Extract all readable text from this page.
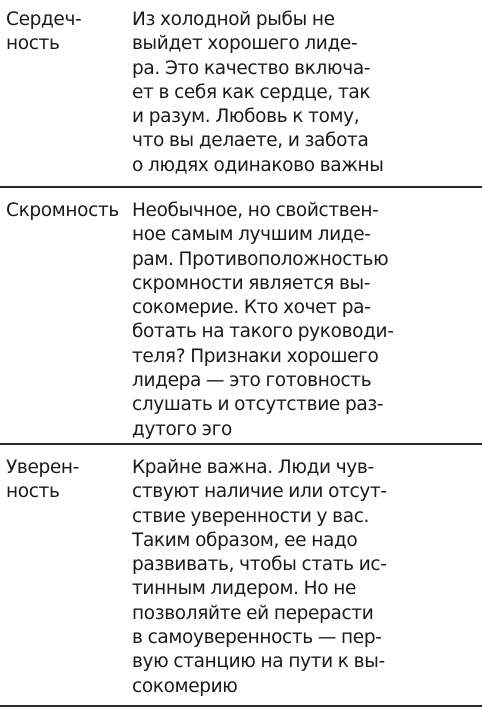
Сердеч-
ность
Из холодной рыбы не
выйдет хорошего лиде-
ра. Это качество включа-
ет в себя как сердце, так
и разум. Любовь к тому,
что вы делаете, и забота
о людях одинаково важны
Скромность Необычное, но свойствен-
ное самым лучшим лиде-
рам. Противоположностью
скромности является вы-
сокомерие. Кто хочет ра-
ботать на такого руководи-
теля? Признаки хорошего
лидера — это готовность
слушать и отсутствие раз-
дутого эго
Уверен-
ность
Крайне важна. Люди чув-
ствуют наличие или отсут-
ствие уверенности у вас.
Таким образом, ее надо
развивать, чтобы стать ис-
тинным лидером. Но не
позволяйте ей перерасти
в самоуверенность — пер-
вую станцию на пути к вы-
сокомерию
